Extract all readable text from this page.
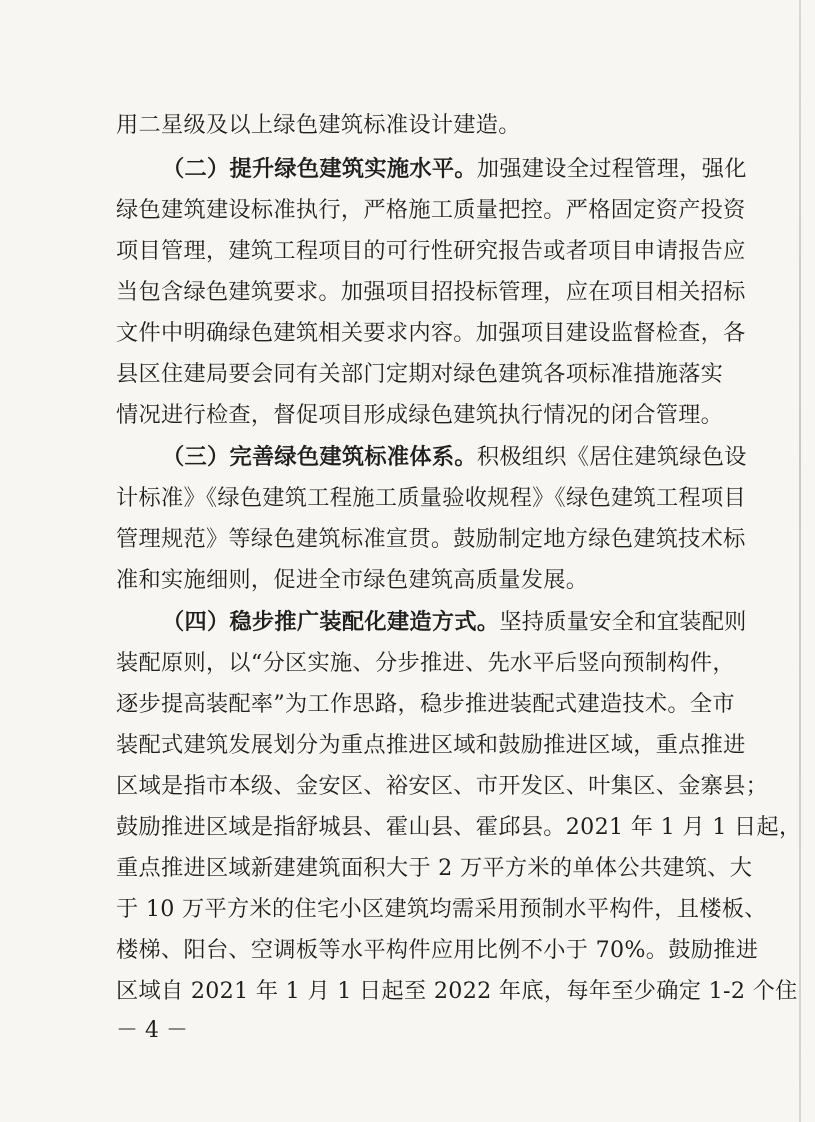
用二星级及以上绿色建筑标准设计建造。
（二）提升绿色建筑实施水平。加强建设全过程管理，强化
绿色建筑建设标准执行，严格施工质量把控。严格固定资产投资
项目管理，建筑工程项目的可行性研究报告或者项目申请报告应
当包含绿色建筑要求。加强项目招投标管理，应在项目相关招标
文件中明确绿色建筑相关要求内容。加强项目建设监督检查，各
县区住建局要会同有关部门定期对绿色建筑各项标准措施落实
情况进行检查，督促项目形成绿色建筑执行情况的闭合管理。
（三）完善绿色建筑标准体系。积极组织《居住建筑绿色设
计标准》《绿色建筑工程施工质量验收规程》《绿色建筑工程项目
管理规范》等绿色建筑标准宣贯。鼓励制定地方绿色建筑技术标
准和实施细则，促进全市绿色建筑高质量发展。
（四）稳步推广装配化建造方式。坚持质量安全和宜装配则
装配原则，以“分区实施、分步推进、先水平后竖向预制构件，
逐步提高装配率”为工作思路，稳步推进装配式建造技术。全市
装配式建筑发展划分为重点推进区域和鼓励推进区域，重点推进
区域是指市本级、金安区、裕安区、市开发区、叶集区、金寨县；
鼓励推进区域是指舒城县、霍山县、霍邱县。2021 年 1 月 1 日起，
重点推进区域新建建筑面积大于 2 万平方米的单体公共建筑、大
于 10 万平方米的住宅小区建筑均需采用预制水平构件，且楼板、
楼梯、阳台、空调板等水平构件应用比例不小于 70%。鼓励推进
区域自 2021 年 1 月 1 日起至 2022 年底，每年至少确定 1-2 个住
－ 4 －
